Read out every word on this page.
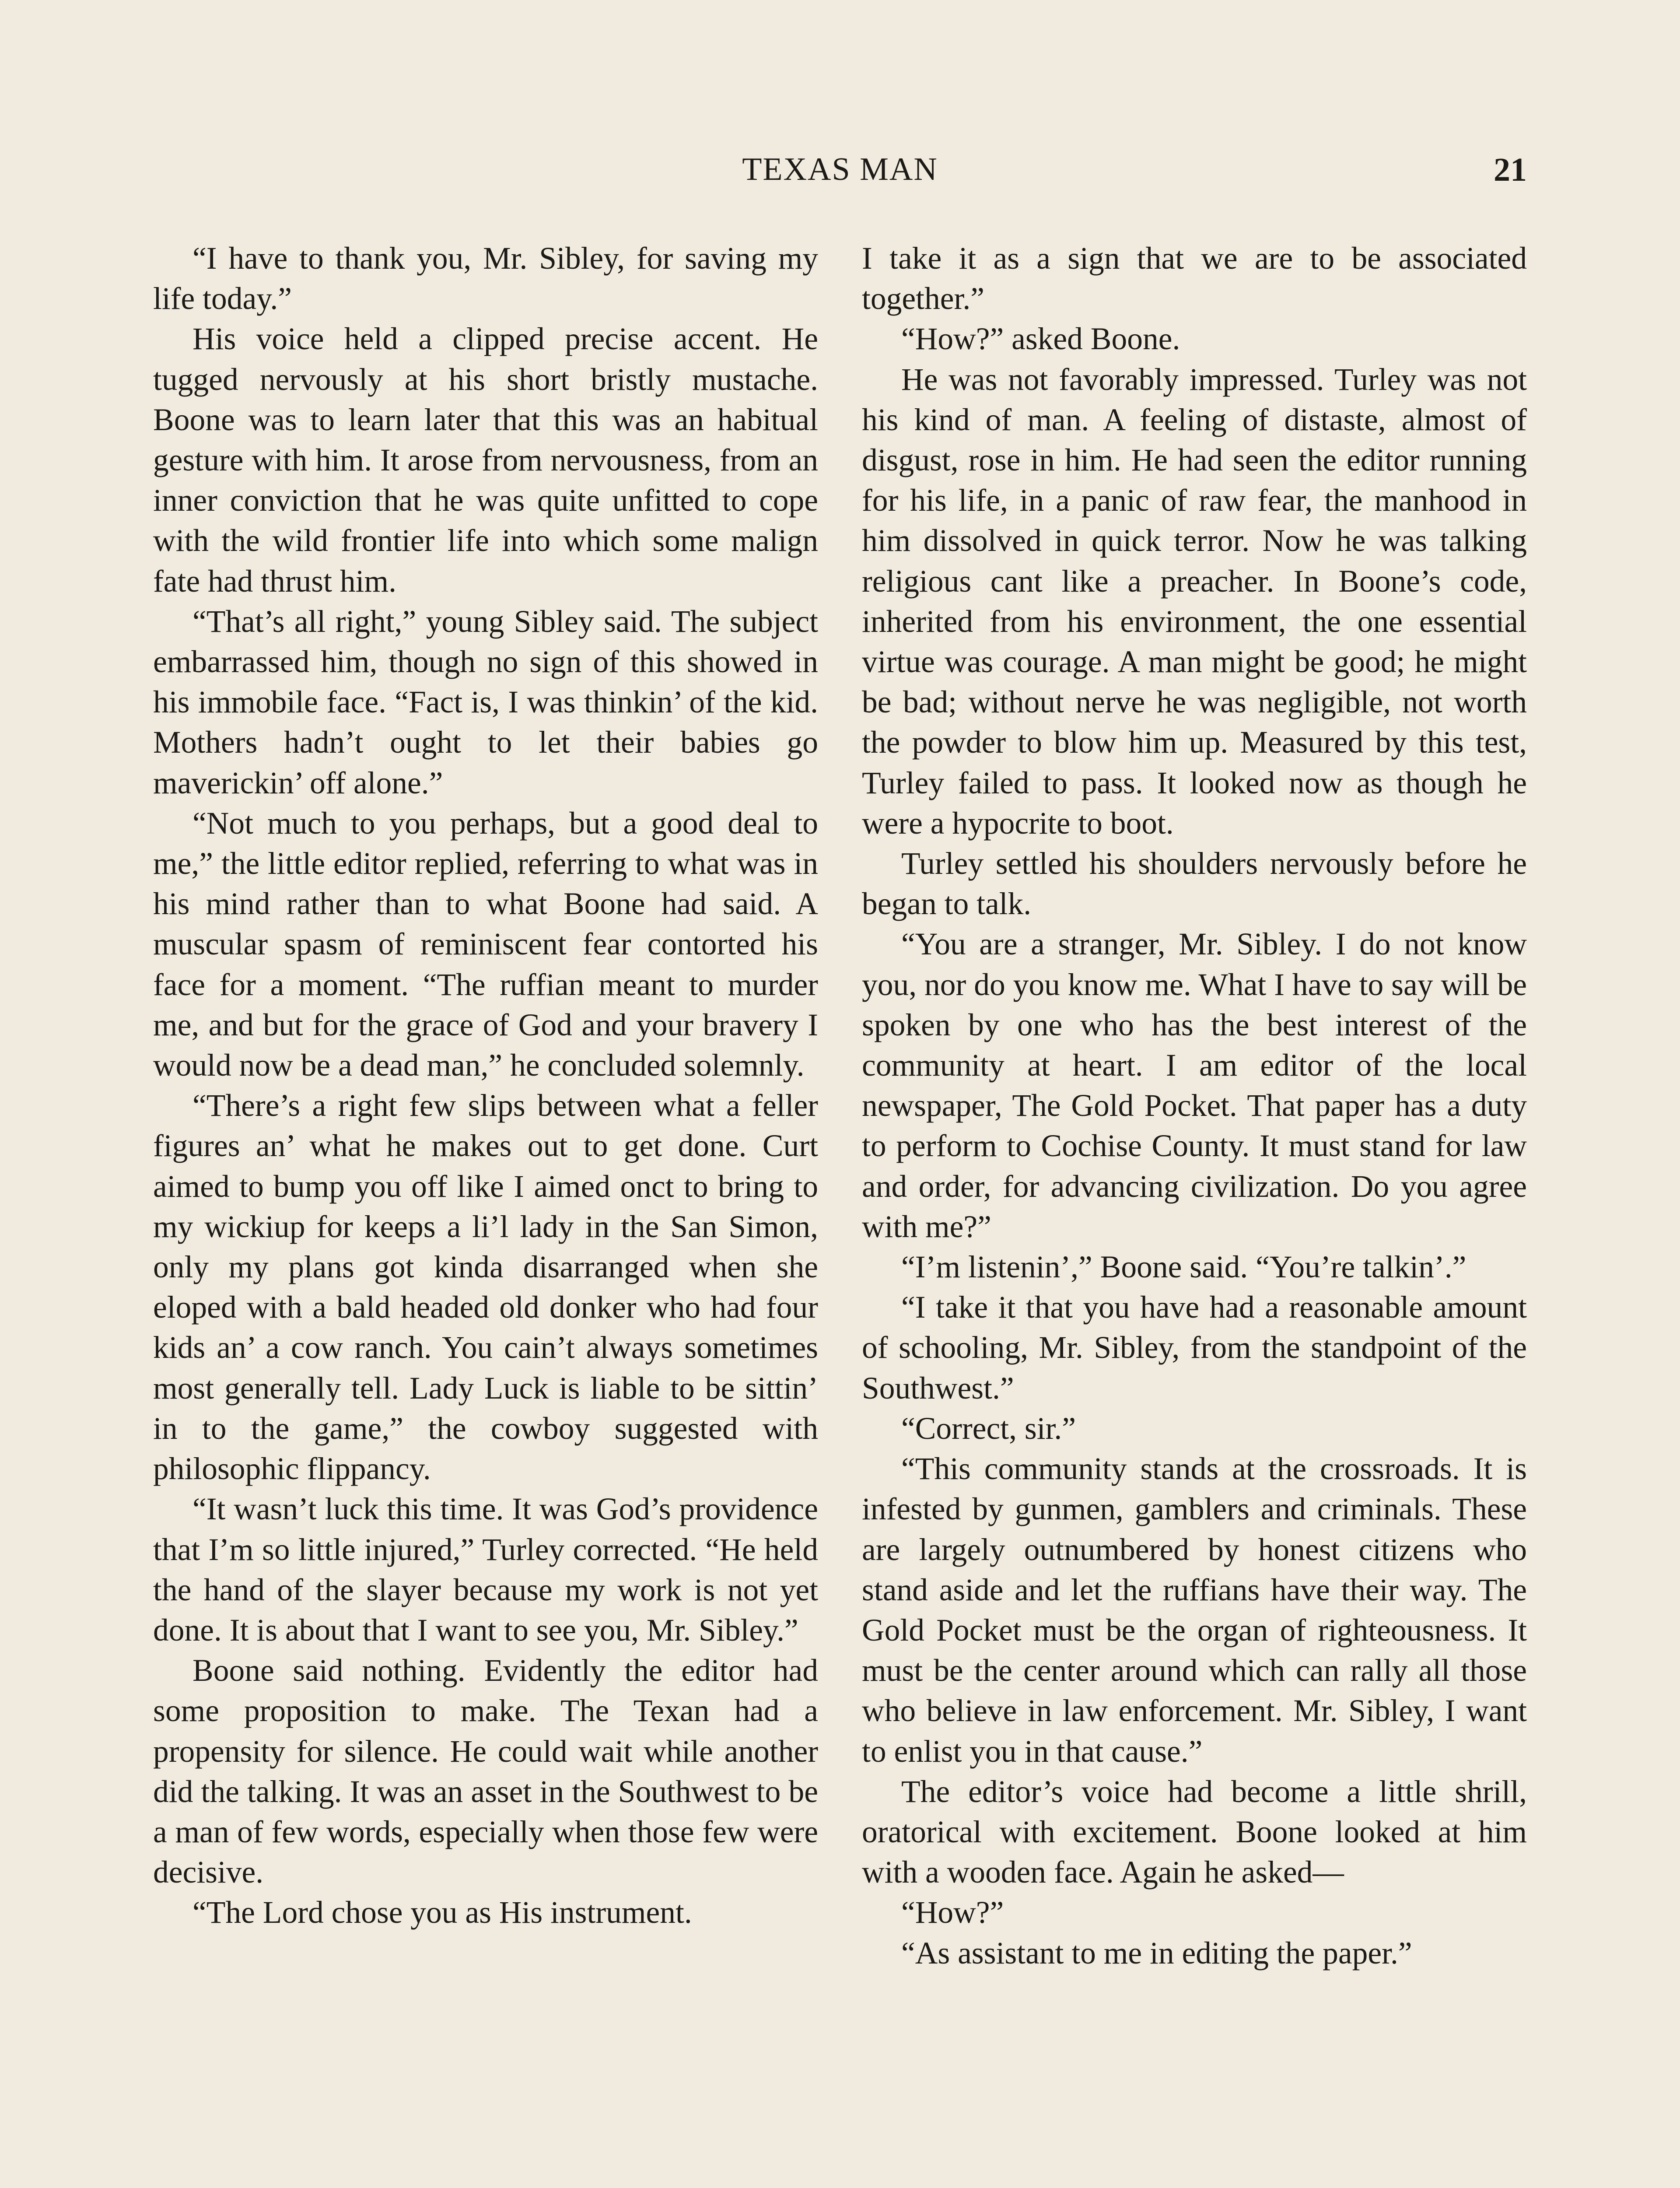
TEXAS MAN	21

“I have to thank you, Mr. Sibley, for saving my life today.”

His voice held a clipped precise accent. He tugged nervously at his short bristly mustache. Boone was to learn later that this was an habitual gesture with him. It arose from nervousness, from an inner conviction that he was quite unfitted to cope with the wild frontier life into which some malign fate had thrust him.

“That’s all right,” young Sibley said. The subject embarrassed him, though no sign of this showed in his immobile face. “Fact is, I was thinkin’ of the kid. Mothers hadn’t ought to let their babies go maverickin’ off alone.”

“Not much to you perhaps, but a good deal to me,” the little editor replied, referring to what was in his mind rather than to what Boone had said. A muscular spasm of reminiscent fear contorted his face for a moment. “The ruffian meant to murder me, and but for the grace of God and your bravery I would now be a dead man,” he concluded solemnly.

“There’s a right few slips between what a feller figures an’ what he makes out to get done. Curt aimed to bump you off like I aimed onct to bring to my wickiup for keeps a li’l lady in the San Simon, only my plans got kinda disarranged when she eloped with a bald headed old donker who had four kids an’ a cow ranch. You cain’t always sometimes most generally tell. Lady Luck is liable to be sittin’ in to the game,” the cowboy suggested with philosophic flippancy.

“It wasn’t luck this time. It was God’s providence that I’m so little injured,” Turley corrected. “He held the hand of the slayer because my work is not yet done. It is about that I want to see you, Mr. Sibley.”

Boone said nothing. Evidently the editor had some proposition to make. The Texan had a propensity for silence. He could wait while another did the talking. It was an asset in the Southwest to be a man of few words, especially when those few were decisive.

“The Lord chose you as His instrument.

I take it as a sign that we are to be associated together.”

“How?” asked Boone.

He was not favorably impressed. Turley was not his kind of man. A feeling of distaste, almost of disgust, rose in him. He had seen the editor running for his life, in a panic of raw fear, the manhood in him dissolved in quick terror. Now he was talking religious cant like a preacher. In Boone’s code, inherited from his environment, the one essential virtue was courage. A man might be good; he might be bad; without nerve he was negligible, not worth the powder to blow him up. Measured by this test, Turley failed to pass. It looked now as though he were a hypocrite to boot.

Turley settled his shoulders nervously before he began to talk.

“You are a stranger, Mr. Sibley. I do not know you, nor do you know me. What I have to say will be spoken by one who has the best interest of the community at heart. I am editor of the local newspaper, The Gold Pocket. That paper has a duty to perform to Cochise County. It must stand for law and order, for advancing civilization. Do you agree with me?”

“I’m listenin’,” Boone said. “You’re talkin’.”

“I take it that you have had a reasonable amount of schooling, Mr. Sibley, from the standpoint of the Southwest.”

“Correct, sir.”

“This community stands at the crossroads. It is infested by gunmen, gamblers and criminals. These are largely outnumbered by honest citizens who stand aside and let the ruffians have their way. The Gold Pocket must be the organ of righteousness. It must be the center around which can rally all those who believe in law enforcement. Mr. Sibley, I want to enlist you in that cause.”

The editor’s voice had become a little shrill, oratorical with excitement. Boone looked at him with a wooden face. Again he asked—

“How?”

“As assistant to me in editing the paper.”
